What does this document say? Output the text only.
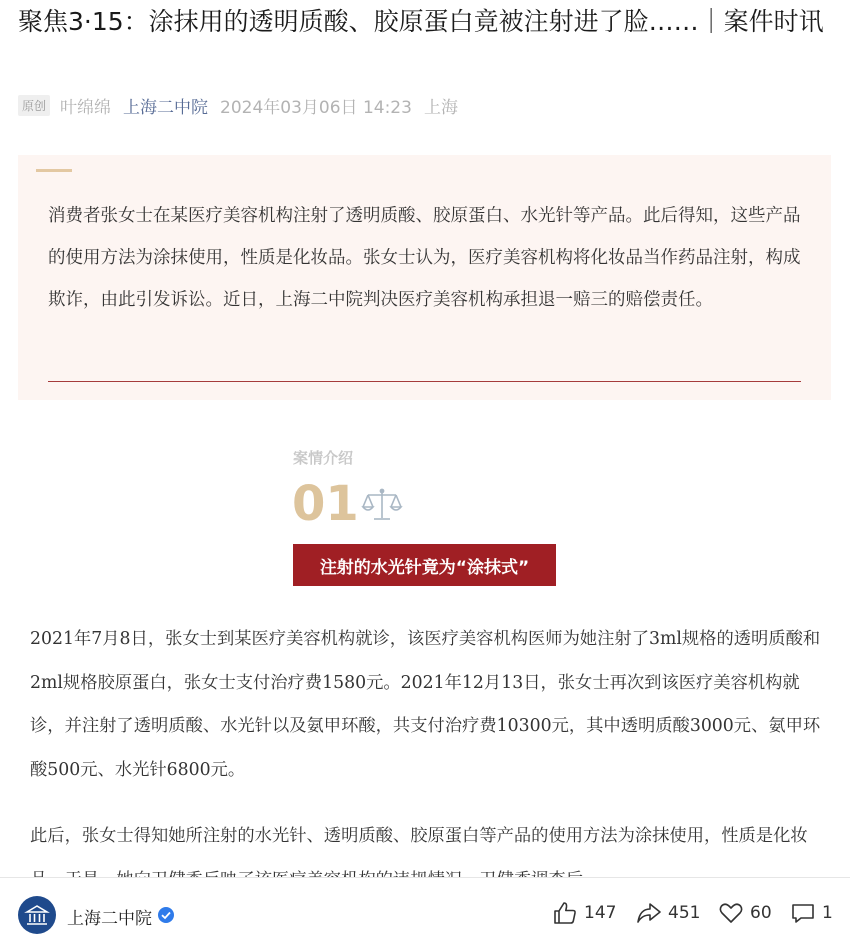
聚焦3·15：涂抹用的透明质酸、胶原蛋白竟被注射进了脸……｜案件时讯
原创 叶绵绵 上海二中院 2024年03月06日 14:23 上海
消费者张女士在某医疗美容机构注射了透明质酸、胶原蛋白、水光针等产品。此后得知，这些产品的使用方法为涂抹使用，性质是化妆品。张女士认为，医疗美容机构将化妆品当作药品注射，构成欺诈，由此引发诉讼。近日，上海二中院判决医疗美容机构承担退一赔三的赔偿责任。
案情介绍
01
注射的水光针竟为“涂抹式”

2021年7月8日，张女士到某医疗美容机构就诊，该医疗美容机构医师为她注射了3ml规格的透明质酸和2ml规格胶原蛋白，张女士支付治疗费1580元。2021年12月13日，张女士再次到该医疗美容机构就诊，并注射了透明质酸、水光针以及氨甲环酸，共支付治疗费10300元，其中透明质酸3000元、氨甲环酸500元、水光针6800元。

此后，张女士得知她所注射的水光针、透明质酸、胶原蛋白等产品的使用方法为涂抹使用，性质是化妆

上海二中院	147	451	60	1
